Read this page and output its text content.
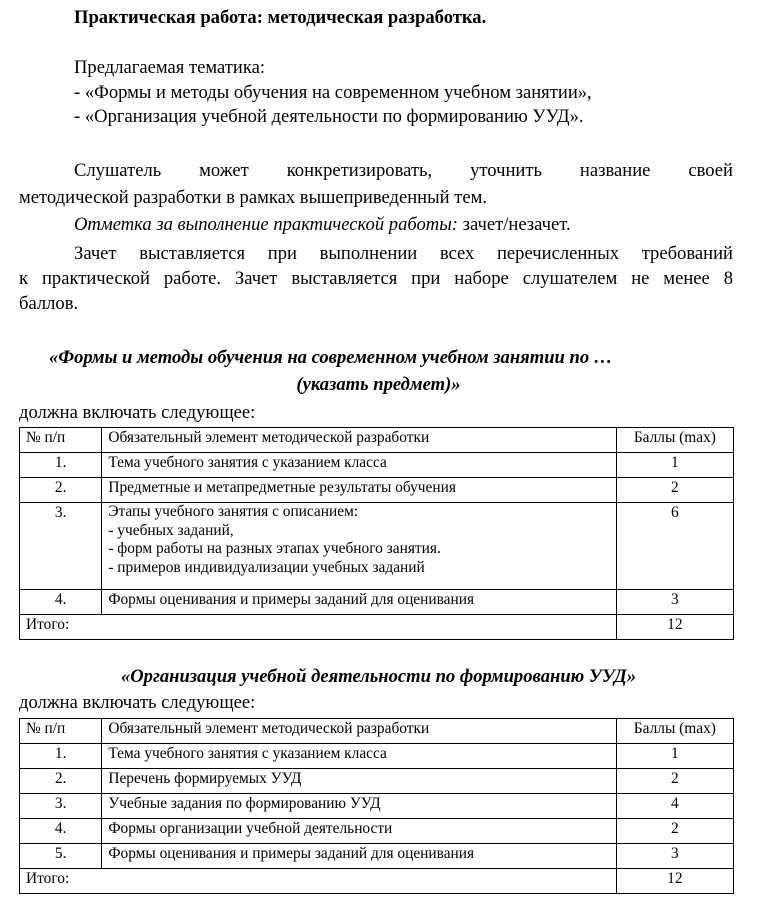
Практическая работа: методическая разработка.
Предлагаемая тематика:
- «Формы и методы обучения на современном учебном занятии»,
- «Организация учебной деятельности по формированию УУД».
Слушатель может конкретизировать, уточнить название своей
методической разработки в рамках вышеприведенный тем.
Отметка за выполнение практической работы: зачет/незачет.
Зачет выставляется при выполнении всех перечисленных требований
к практической работе. Зачет выставляется при наборе слушателем не менее 8
баллов.
«Формы и методы обучения на современном учебном занятии по …
(указать предмет)»
должна включать следующее:
№ п/п	Обязательный элемент методической разработки	Баллы (max)
1.	Тема учебного занятия с указанием класса	1
2.	Предметные и метапредметные результаты обучения	2
3.	Этапы учебного занятия с описанием:
- учебных заданий,
- форм работы на разных этапах учебного занятия.
- примеров индивидуализации учебных заданий	6
4.	Формы оценивания и примеры заданий для оценивания	3
Итого:		12
«Организация учебной деятельности по формированию УУД»
должна включать следующее:
№ п/п	Обязательный элемент методической разработки	Баллы (max)
1.	Тема учебного занятия с указанием класса	1
2.	Перечень формируемых УУД	2
3.	Учебные задания по формированию УУД	4
4.	Формы организации учебной деятельности	2
5.	Формы оценивания и примеры заданий для оценивания	3
Итого:		12
